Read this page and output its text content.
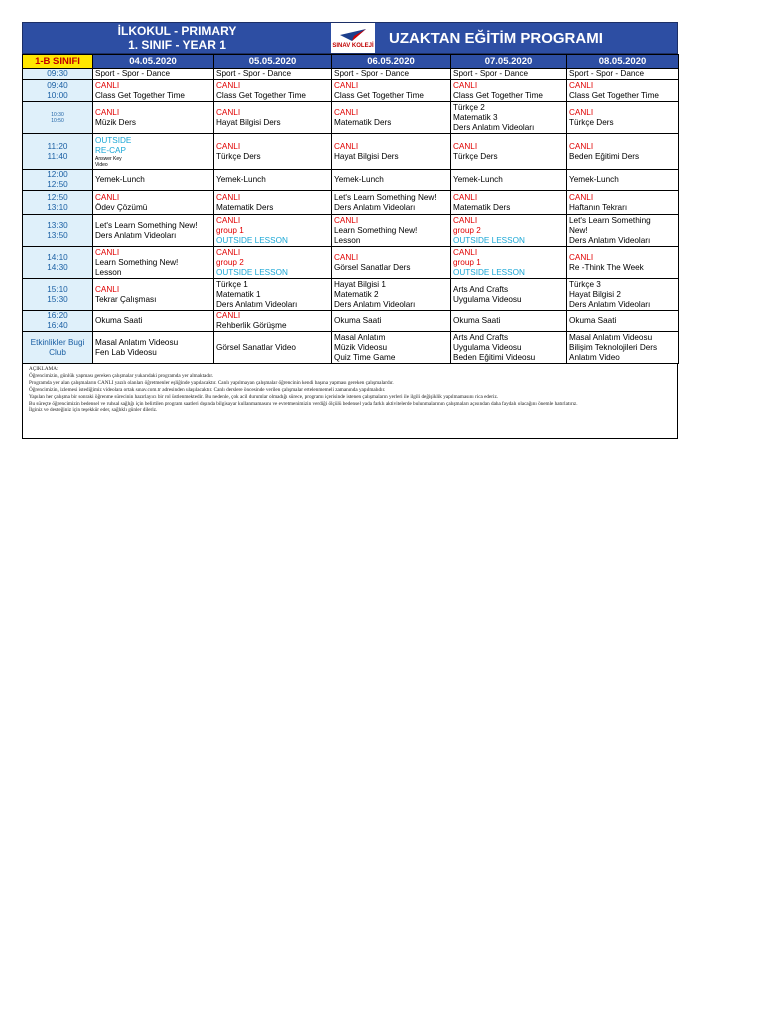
İLKOKUL - PRIMARY
1. SINIF - YEAR 1	SINAV KOLEJİ	UZAKTAN EĞİTİM PROGRAMI
1-B SINIFI	04.05.2020	05.05.2020	06.05.2020	07.05.2020	08.05.2020

09:30	Sport - Spor - Dance	Sport - Spor - Dance	Sport - Spor - Dance	Sport - Spor - Dance	Sport - Spor - Dance

09:40
10:00	CANLI
Class Get Together Time	CANLI
Class Get Together Time	CANLI
Class Get Together Time	CANLI
Class Get Together Time	CANLI
Class Get Together Time

10:30
10:50	CANLI
Müzik Ders	CANLI
Hayat Bilgisi Ders	CANLI
Matematik Ders	Türkçe 2
Matematik 3
Ders Anlatım Videoları	CANLI
Türkçe Ders

11:20
11:40	OUTSIDE
RE-CAP
Answer Key
Video	CANLI
Türkçe Ders	CANLI
Hayat Bilgisi Ders	CANLI
Türkçe Ders	CANLI
Beden Eğitimi Ders

12:00
12:50	Yemek-Lunch	Yemek-Lunch	Yemek-Lunch	Yemek-Lunch	Yemek-Lunch

12:50
13:10	CANLI
Ödev Çözümü	CANLI
Matematik Ders	Let's Learn Something New!
Ders Anlatım Videoları	CANLI
Matematik Ders	CANLI
Haftanın Tekrarı

13:30
13:50	Let's Learn Something New!
Ders Anlatım Videoları	CANLI
group 1
OUTSIDE LESSON	CANLI
Learn Something New!
Lesson	CANLI
group 2
OUTSIDE LESSON	Let's Learn Something
New!
Ders Anlatım Videoları

14:10
14:30	CANLI
Learn Something New!
Lesson	CANLI
group 2
OUTSIDE LESSON	CANLI
Görsel Sanatlar Ders	CANLI
group 1
OUTSIDE LESSON	CANLI
Re -Think The Week

15:10
15:30	CANLI
Tekrar Çalışması	Türkçe 1
Matematik 1
Ders Anlatım Videoları	Hayat Bilgisi 1
Matematik 2
Ders Anlatım Videoları	Arts And Crafts
Uygulama Videosu	Türkçe 3
Hayat Bilgisi 2
Ders Anlatım Videoları

16:20
16:40	Okuma Saati	CANLI
Rehberlik Görüşme	Okuma Saati	Okuma Saati	Okuma Saati

Etkinlikler Bugi
Club	Masal Anlatım Videosu
Fen Lab Videosu	Görsel Sanatlar Video	Masal Anlatım
Müzik Videosu
Quiz Time Game	Arts And Crafts
Uygulama Videosu
Beden Eğitimi Videosu	Masal Anlatım Videosu
Bilişim Teknolojileri Ders
Anlatım Video
AÇIKLAMA:
Öğrencimizin, günlük yapması gereken çalışmalar yukarıdaki programda yer almaktadır.
Programda yer alan çalışmaların CANLI yazılı olanları öğretmenler eşliğinde yapılacaktır. Canlı yapılmayan çalışmalar öğrencinin kendi başına yapması gereken çalışmalardır.
Öğrencimizin, izlemesi istediğimiz videolara ortak sınav.com.tr adresinden ulaşılacaktır. Canlı derslere öncesinde verilen çalışmalar ertelenmemeli zamanında yapılmalıdır.
Yapılan her çalışma bir sonraki öğrenme sürecinin hazırlayıcı bir rol üstlenmektedir. Bu nedenle, çok acil durumlar olmadığı sürece, programı içerisinde istenen çalışmaların yerleri ile ilgili değişiklik yapılmamasını rica ederiz.
Bu süreçte öğrencimizin bedensel ve ruhsal sağlığı için belirtilen program saatleri dışında bilgisayar kullanmamasını ve evretmenimizin verdiği ölçülü bedensel yada farklı aktivitelerde bulunmalarının çalışmaları açısından daha faydalı olacağını önemle hatırlatırız.
İlginiz ve desteğiniz için teşekkür eder, sağlıklı günler dileriz.
